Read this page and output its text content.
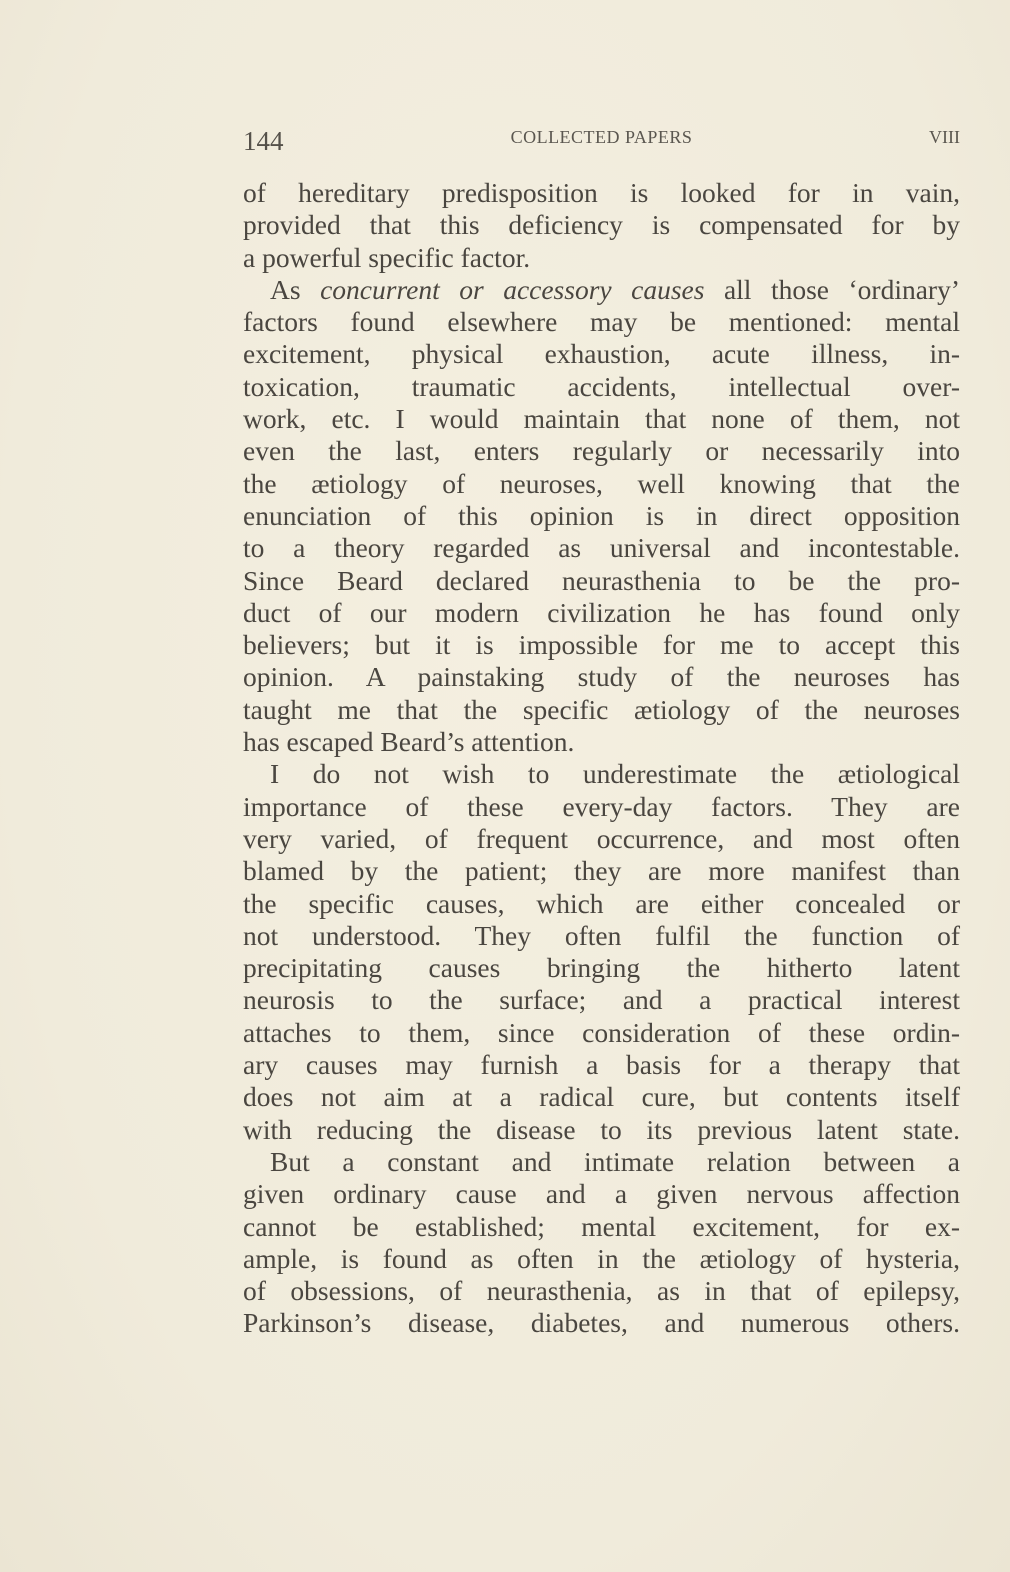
144	COLLECTED PAPERS	VIII
of hereditary predisposition is looked for in vain,
provided that this deficiency is compensated for by
a powerful specific factor.
As concurrent or accessory causes all those ‘ordinary’
factors found elsewhere may be mentioned: mental
excitement, physical exhaustion, acute illness, in-
toxication, traumatic accidents, intellectual over-
work, etc. I would maintain that none of them, not
even the last, enters regularly or necessarily into
the ætiology of neuroses, well knowing that the
enunciation of this opinion is in direct opposition
to a theory regarded as universal and incontestable.
Since Beard declared neurasthenia to be the pro-
duct of our modern civilization he has found only
believers; but it is impossible for me to accept this
opinion. A painstaking study of the neuroses has
taught me that the specific ætiology of the neuroses
has escaped Beard’s attention.
I do not wish to underestimate the ætiological
importance of these every-day factors. They are
very varied, of frequent occurrence, and most often
blamed by the patient; they are more manifest than
the specific causes, which are either concealed or
not understood. They often fulfil the function of
precipitating causes bringing the hitherto latent
neurosis to the surface; and a practical interest
attaches to them, since consideration of these ordin-
ary causes may furnish a basis for a therapy that
does not aim at a radical cure, but contents itself
with reducing the disease to its previous latent state.
But a constant and intimate relation between a
given ordinary cause and a given nervous affection
cannot be established; mental excitement, for ex-
ample, is found as often in the ætiology of hysteria,
of obsessions, of neurasthenia, as in that of epilepsy,
Parkinson’s disease, diabetes, and numerous others.
